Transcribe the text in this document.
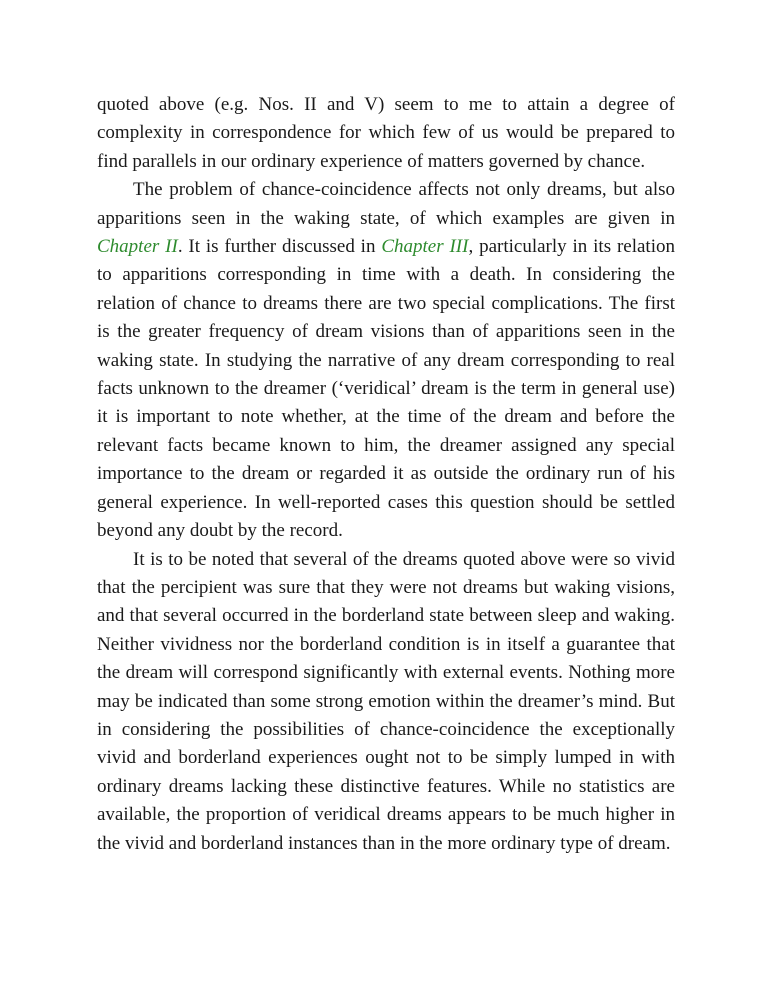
quoted above (e.g. Nos. II and V) seem to me to attain a degree of complexity in correspondence for which few of us would be prepared to find parallels in our ordinary experience of matters governed by chance.

The problem of chance-coincidence affects not only dreams, but also apparitions seen in the waking state, of which examples are given in Chapter II. It is further discussed in Chapter III, particularly in its relation to apparitions corresponding in time with a death. In considering the relation of chance to dreams there are two special complications. The first is the greater frequency of dream visions than of apparitions seen in the waking state. In studying the narrative of any dream corresponding to real facts unknown to the dreamer (‘veridical’ dream is the term in general use) it is important to note whether, at the time of the dream and before the relevant facts became known to him, the dreamer assigned any special importance to the dream or regarded it as outside the ordinary run of his general experience. In well-reported cases this question should be settled beyond any doubt by the record.

It is to be noted that several of the dreams quoted above were so vivid that the percipient was sure that they were not dreams but waking visions, and that several occurred in the borderland state between sleep and waking. Neither vividness nor the borderland condition is in itself a guarantee that the dream will correspond significantly with external events. Nothing more may be indicated than some strong emotion within the dreamer’s mind. But in considering the possibilities of chance-coincidence the exceptionally vivid and borderland experiences ought not to be simply lumped in with ordinary dreams lacking these distinctive features. While no statistics are available, the proportion of veridical dreams appears to be much higher in the vivid and borderland instances than in the more ordinary type of dream.
